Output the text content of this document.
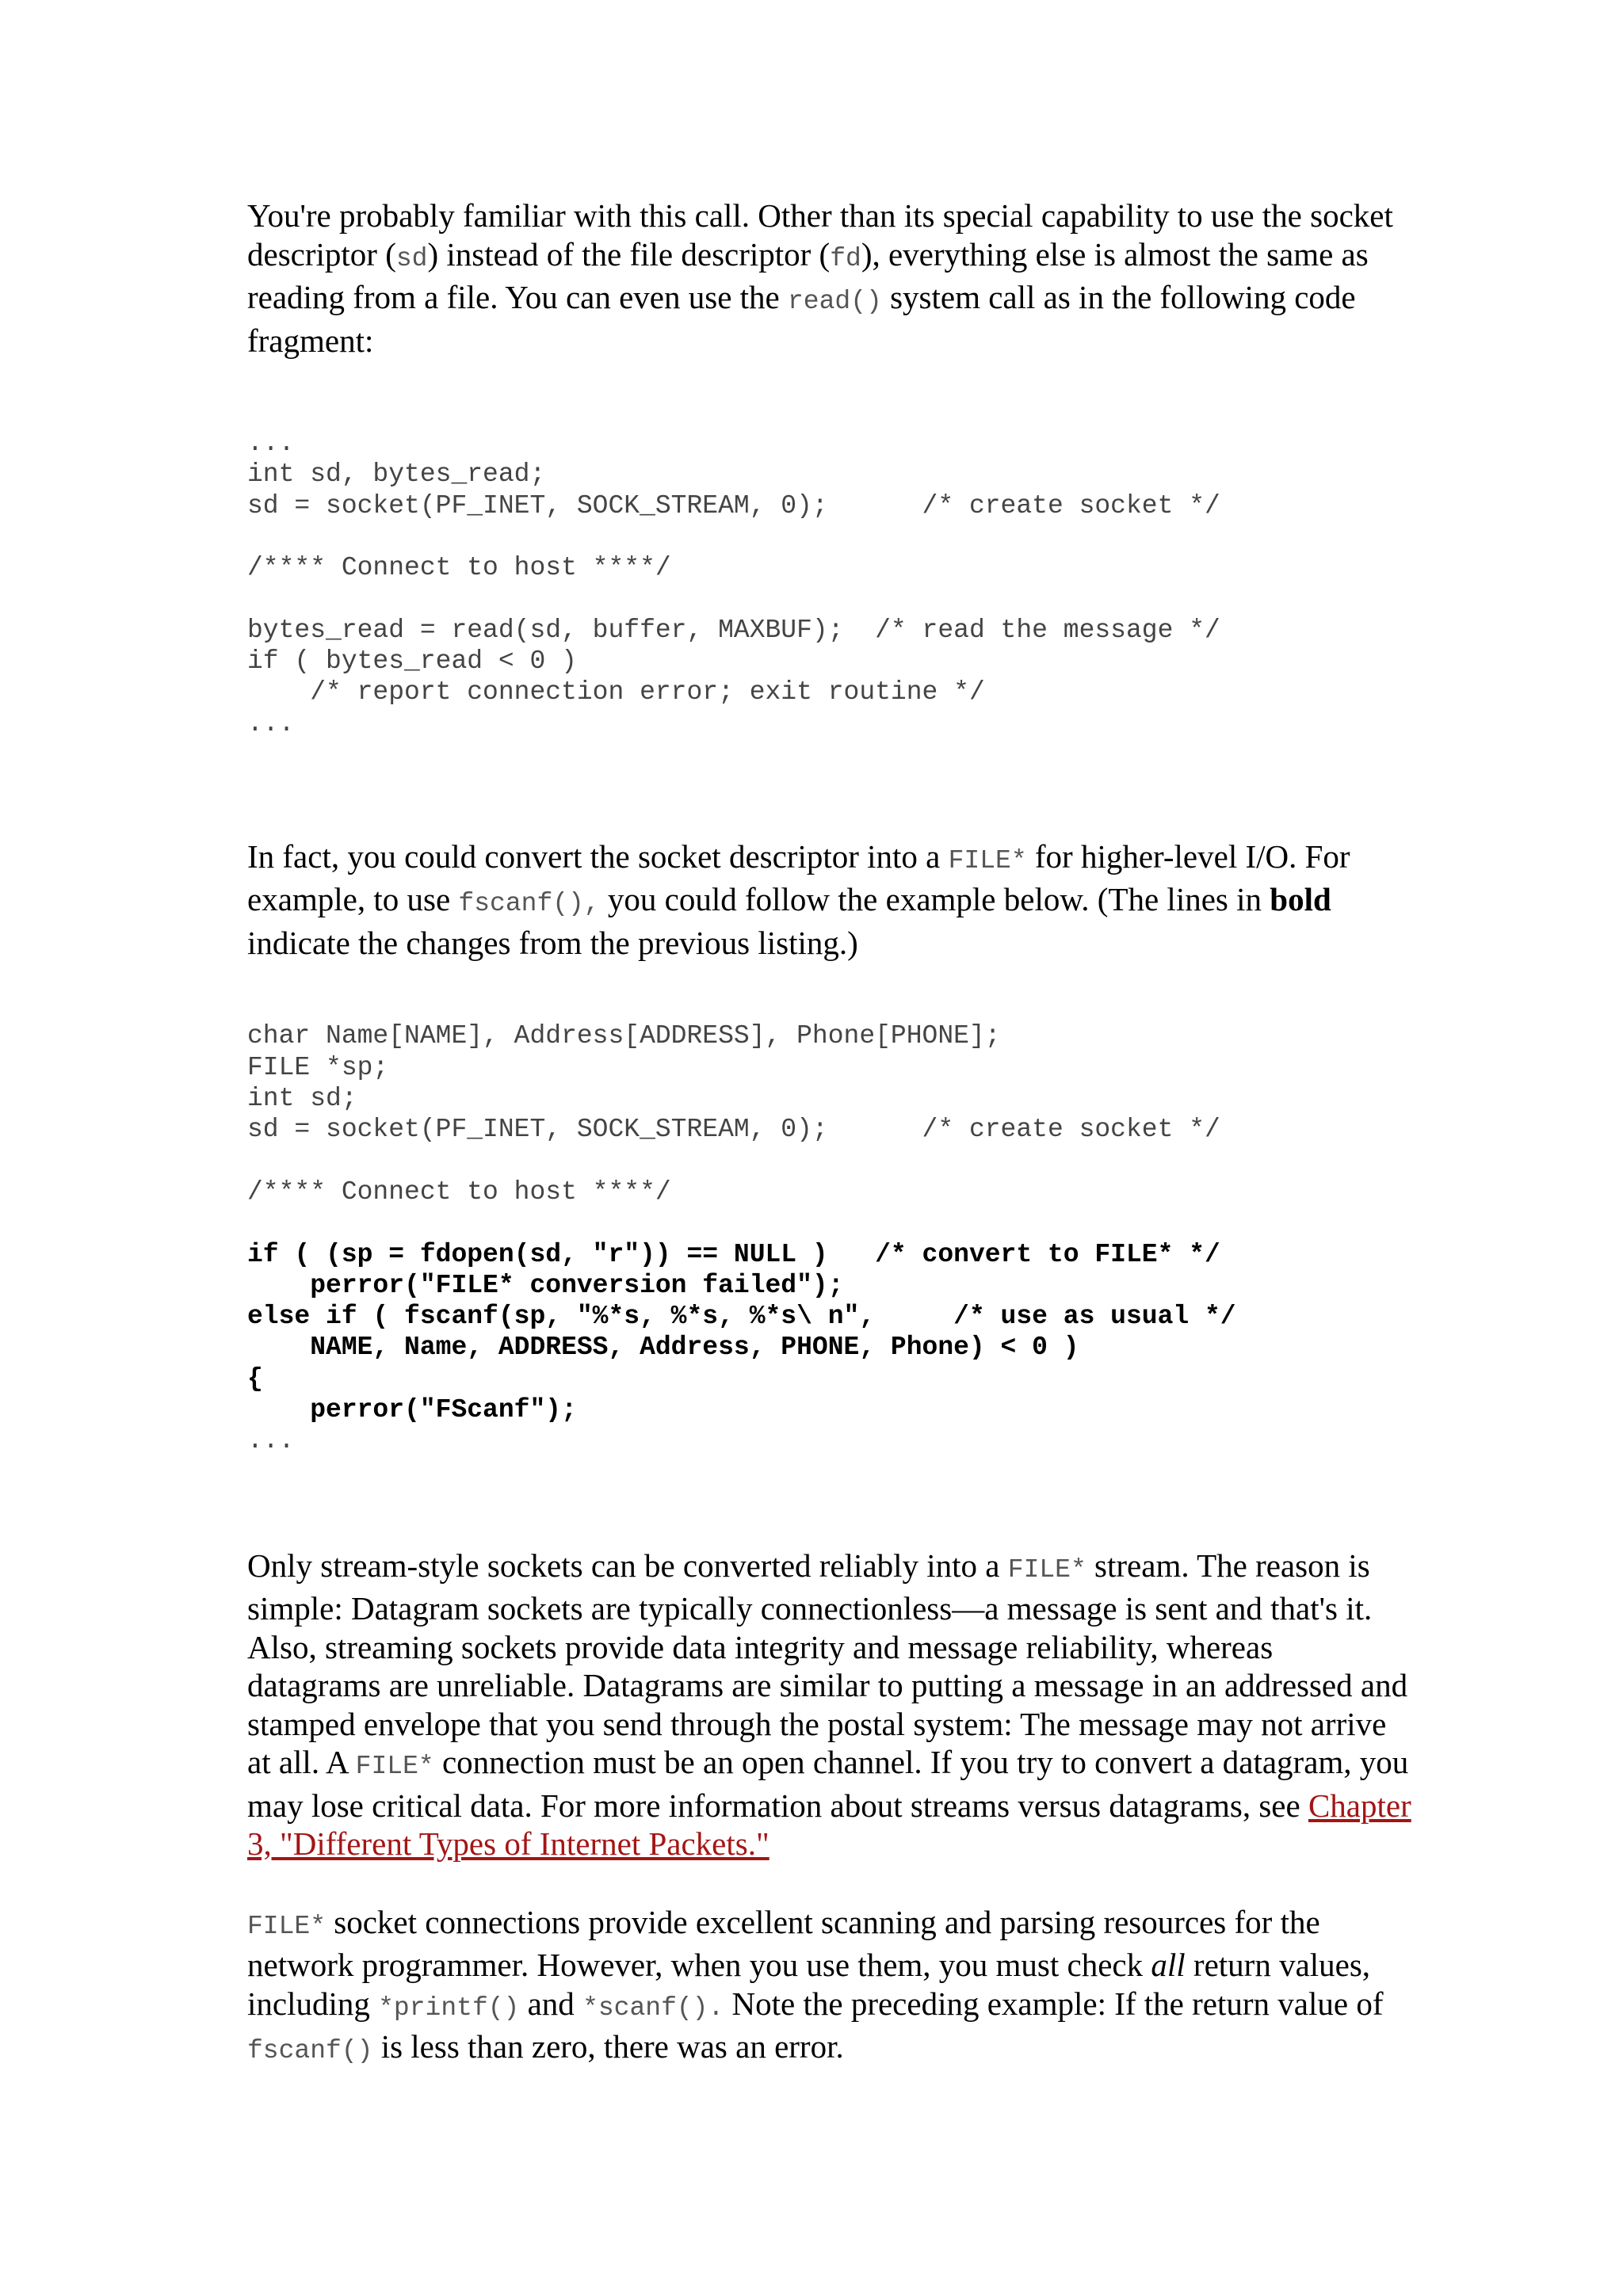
You're probably familiar with this call. Other than its special capability to use the socket descriptor (sd) instead of the file descriptor (fd), everything else is almost the same as reading from a file. You can even use the read() system call as in the following code fragment:

...
int sd, bytes_read;
sd = socket(PF_INET, SOCK_STREAM, 0);      /* create socket */
/**** Connect to host ****/
bytes_read = read(sd, buffer, MAXBUF);  /* read the message */
if ( bytes_read < 0 )
/* report connection error; exit routine */
...

In fact, you could convert the socket descriptor into a FILE* for higher-level I/O. For example, to use fscanf(), you could follow the example below. (The lines in bold indicate the changes from the previous listing.)

char Name[NAME], Address[ADDRESS], Phone[PHONE];
FILE *sp;
int sd;
sd = socket(PF_INET, SOCK_STREAM, 0);      /* create socket */
/**** Connect to host ****/
if ( (sp = fdopen(sd, "r")) == NULL )   /* convert to FILE* */
perror("FILE* conversion failed");
else if ( fscanf(sp, "%*s, %*s, %*s\ n",     /* use as usual */
NAME, Name, ADDRESS, Address, PHONE, Phone) < 0 )
{
perror("FScanf");
...

Only stream-style sockets can be converted reliably into a FILE* stream. The reason is simple: Datagram sockets are typically connectionless—a message is sent and that's it. Also, streaming sockets provide data integrity and message reliability, whereas datagrams are unreliable. Datagrams are similar to putting a message in an addressed and stamped envelope that you send through the postal system: The message may not arrive at all. A FILE* connection must be an open channel. If you try to convert a datagram, you may lose critical data. For more information about streams versus datagrams, see Chapter 3, "Different Types of Internet Packets."

FILE* socket connections provide excellent scanning and parsing resources for the network programmer. However, when you use them, you must check all return values, including *printf() and *scanf(). Note the preceding example: If the return value of fscanf() is less than zero, there was an error.
